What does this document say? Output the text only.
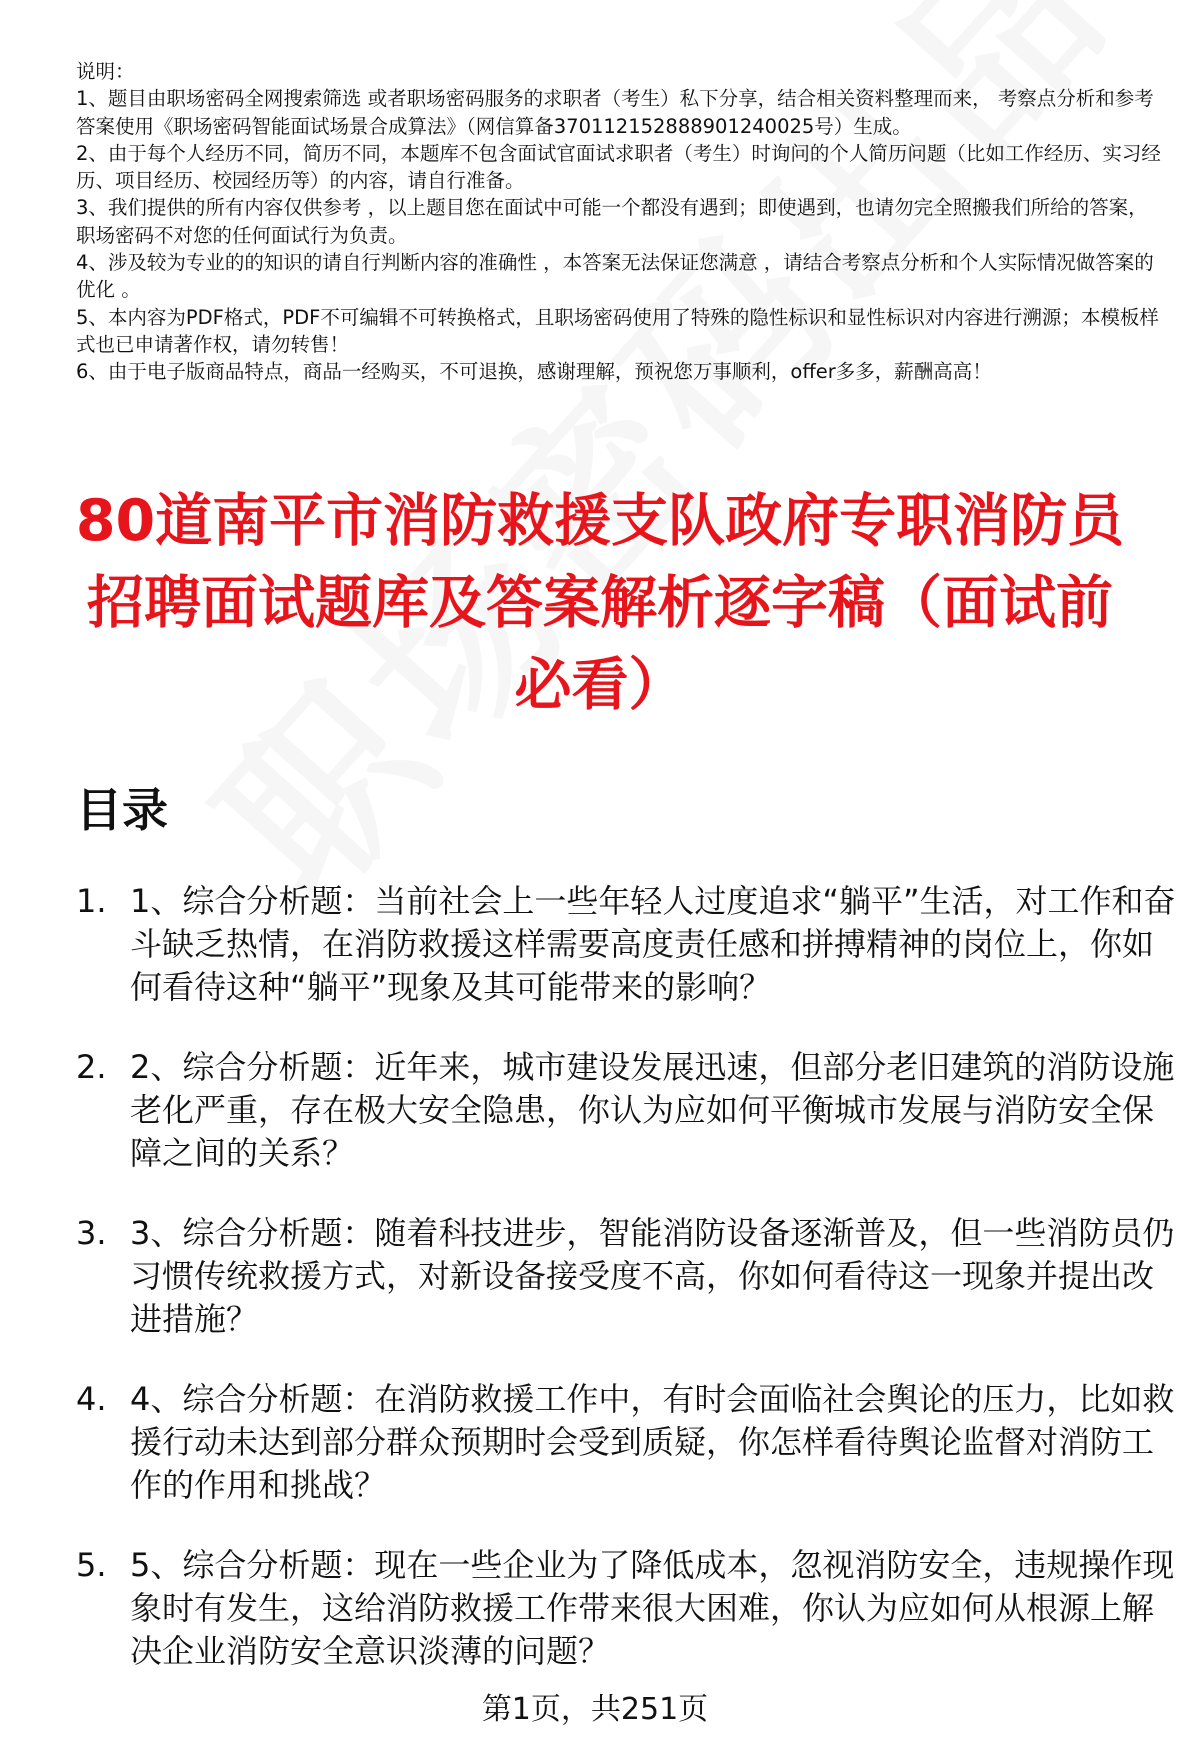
说明：

1、题目由职场密码全网搜索筛选 或者职场密码服务的求职者（考生）私下分享，结合相关资料整理而来， 考察点分析和参考答案使用《职场密码智能面试场景合成算法》（网信算备370112152888901240025号）生成。

2、由于每个人经历不同，简历不同，本题库不包含面试官面试求职者（考生）时询问的个人简历问题（比如工作经历、实习经历、项目经历、校园经历等）的内容，请自行准备。

3、我们提供的所有内容仅供参考 ，以上题目您在面试中可能一个都没有遇到；即使遇到，也请勿完全照搬我们所给的答案，职场密码不对您的任何面试行为负责。

4、涉及较为专业的的知识的请自行判断内容的准确性 ，本答案无法保证您满意 ，请结合考察点分析和个人实际情况做答案的优化 。

5、本内容为PDF格式，PDF不可编辑不可转换格式，且职场密码使用了特殊的隐性标识和显性标识对内容进行溯源；本模板样式也已申请著作权，请勿转售！

6、由于电子版商品特点，商品一经购买，不可退换，感谢理解，预祝您万事顺利，offer多多，薪酬高高！

80道南平市消防救援支队政府专职消防员招聘面试题库及答案解析逐字稿（面试前必看）
目录
1. 1、综合分析题：当前社会上一些年轻人过度追求“躺平”生活，对工作和奋斗缺乏热情，在消防救援这样需要高度责任感和拼搏精神的岗位上，你如何看待这种“躺平”现象及其可能带来的影响？
2. 2、综合分析题：近年来，城市建设发展迅速，但部分老旧建筑的消防设施老化严重，存在极大安全隐患，你认为应如何平衡城市发展与消防安全保障之间的关系？
3. 3、综合分析题：随着科技进步，智能消防设备逐渐普及，但一些消防员仍习惯传统救援方式，对新设备接受度不高，你如何看待这一现象并提出改进措施？
4. 4、综合分析题：在消防救援工作中，有时会面临社会舆论的压力，比如救援行动未达到部分群众预期时会受到质疑，你怎样看待舆论监督对消防工作的作用和挑战？
5. 5、综合分析题：现在一些企业为了降低成本，忽视消防安全，违规操作现象时有发生，这给消防救援工作带来很大困难，你认为应如何从根源上解决企业消防安全意识淡薄的问题？
第1页，共251页
